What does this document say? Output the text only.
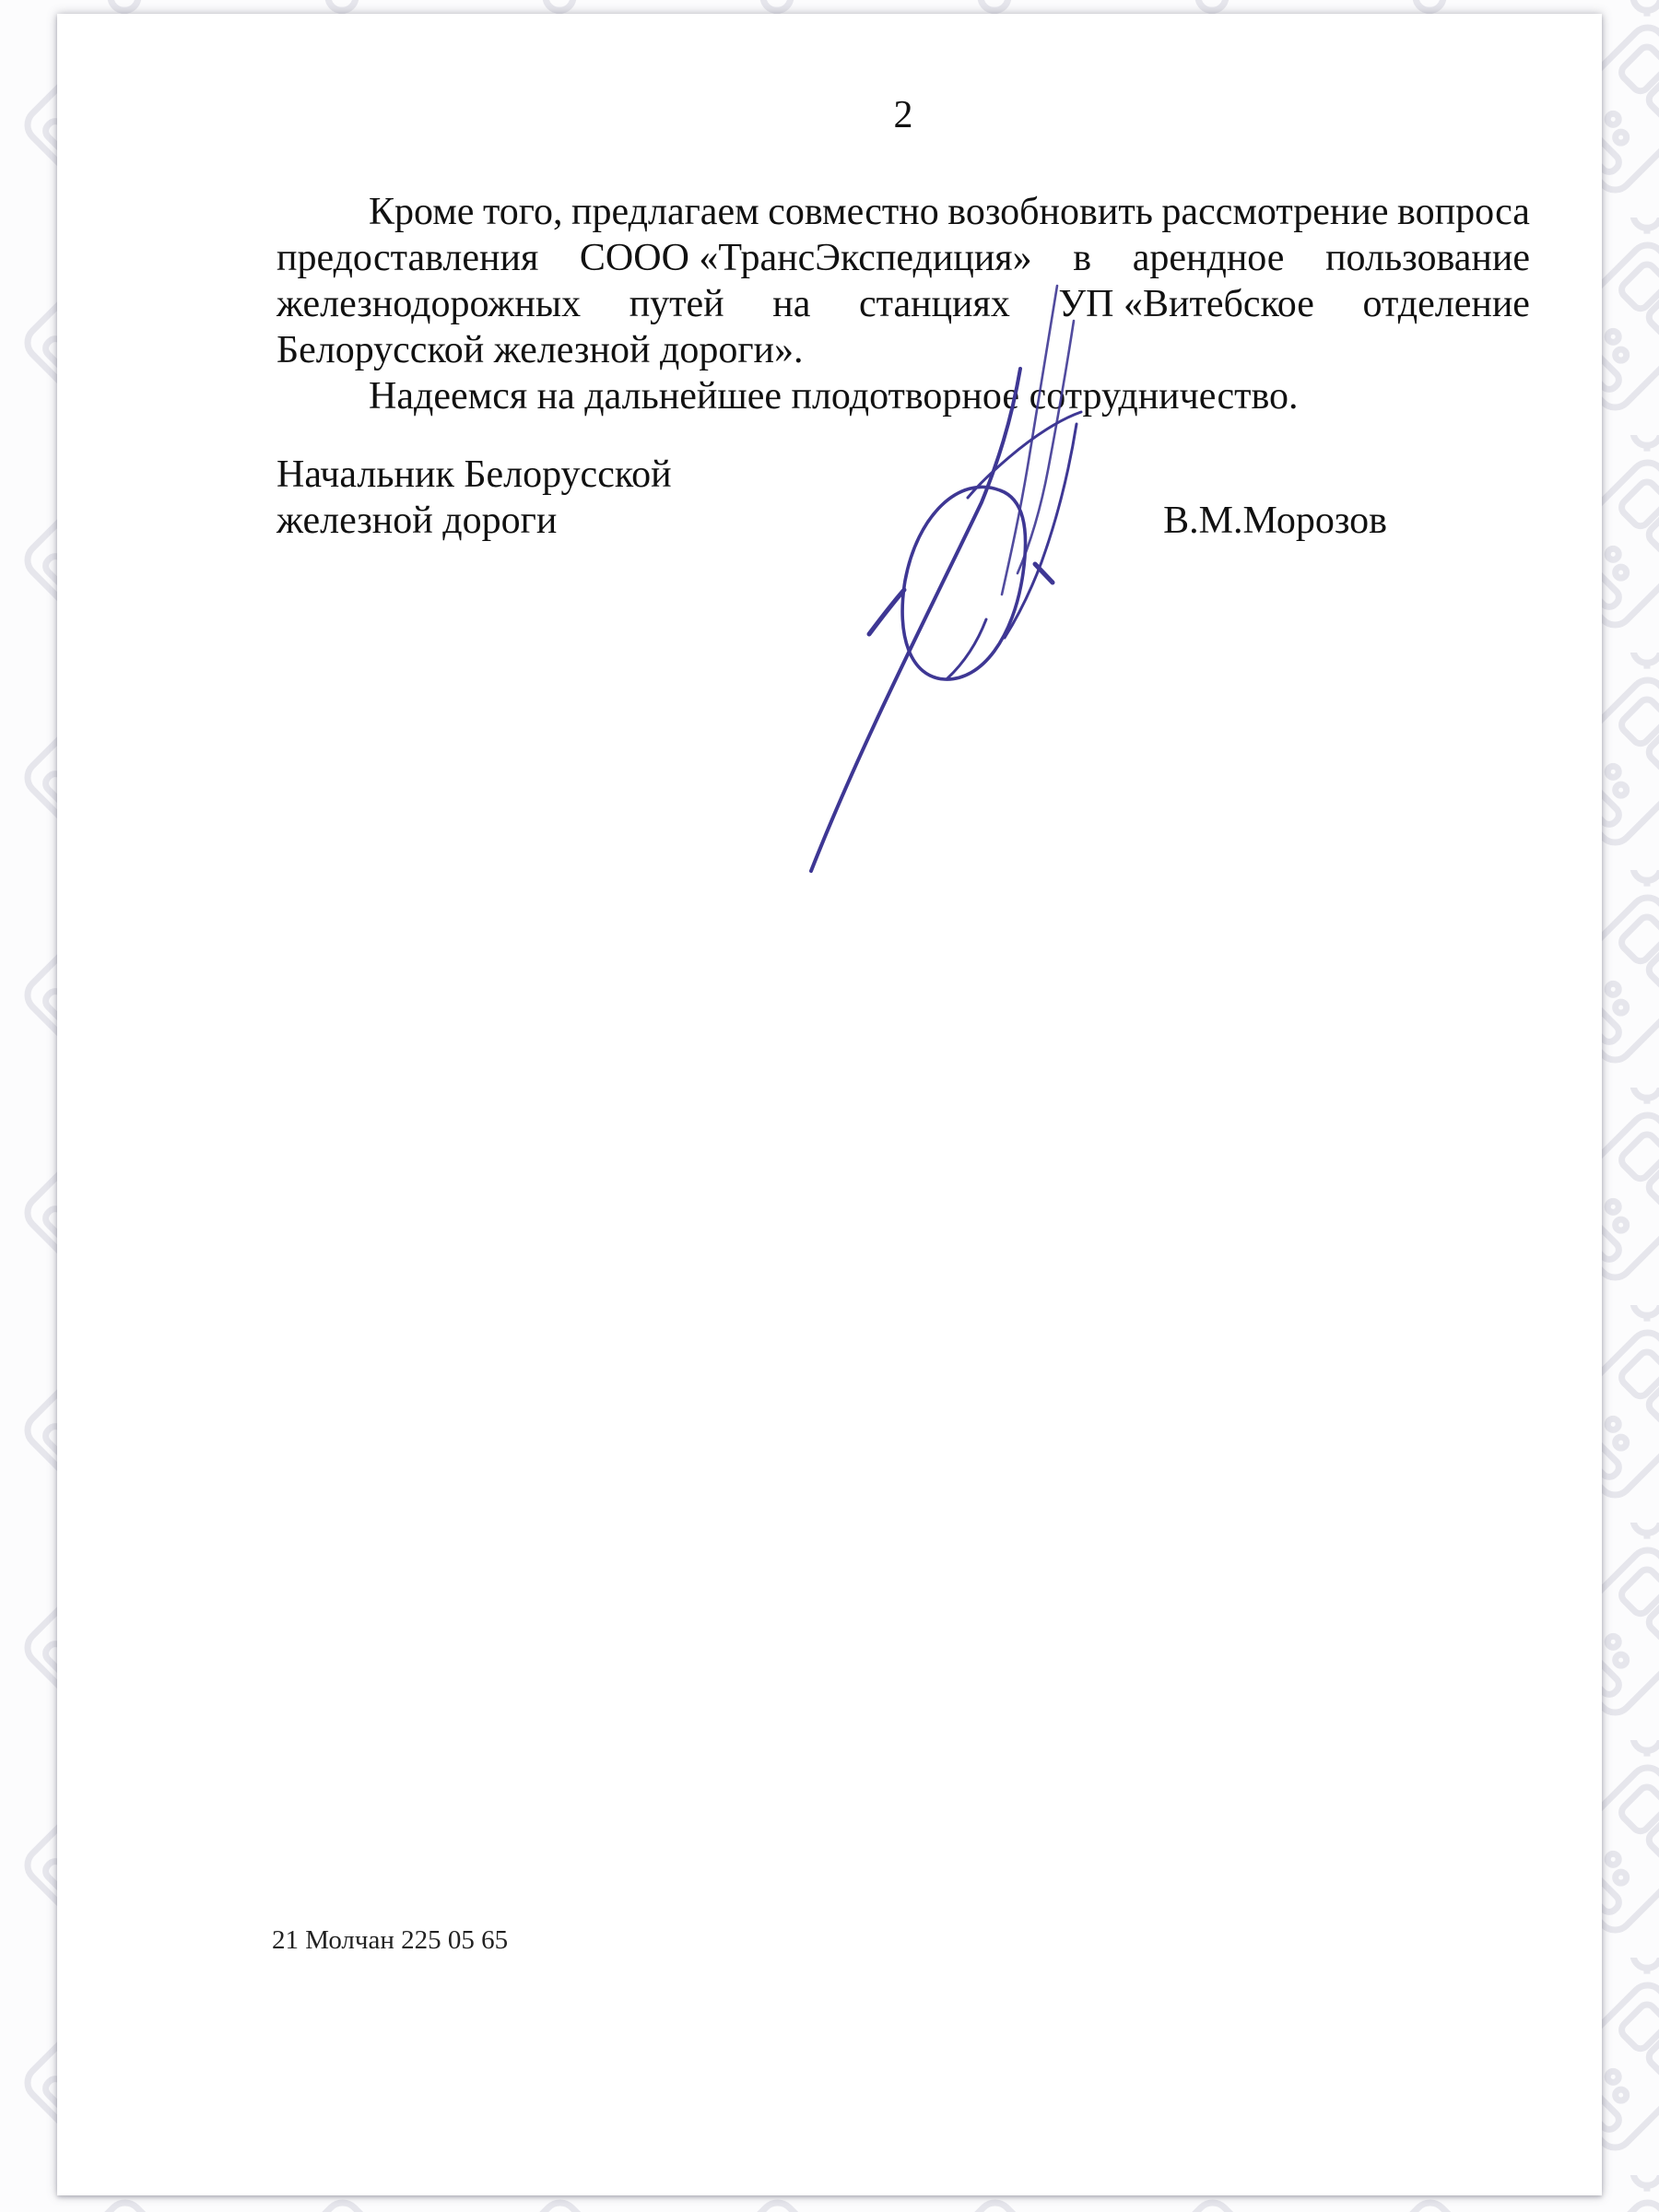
2
Кроме того, предлагаем совместно возобновить рассмотрение вопроса
предоставления СООО «ТрансЭкспедиция» в арендное пользование
железнодорожных путей на станциях УП «Витебское отделение
Белорусской железной дороги».
Надеемся на дальнейшее плодотворное сотрудничество.
Начальник Белорусской
железной дороги	В.М.Морозов
21 Молчан 225 05 65
